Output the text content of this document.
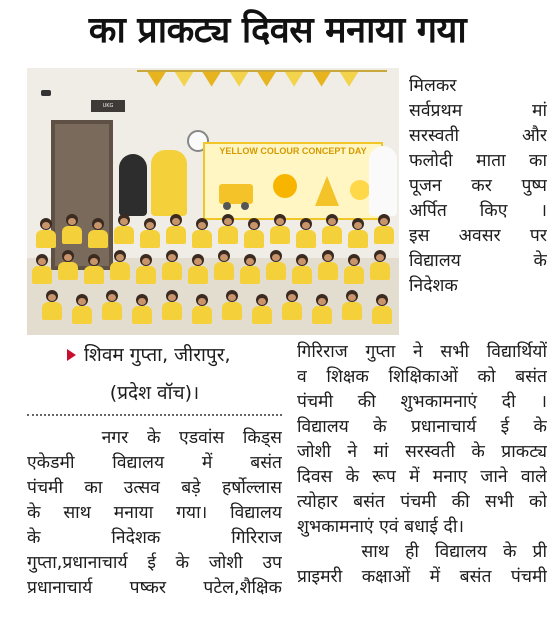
का प्राकट्य दिवस मनाया गया
UKG SECTION
YELLOW COLOUR CONCEPT DAY
मिलकर
सर्वप्रथम मां
सरस्वती और
फलोदी माता का
पूजन कर पुष्प
अर्पित किए ।
इस अवसर पर
विद्यालय के
निदेशक
शिवम गुप्ता, जीरापुर,
(प्रदेश वॉच)।
नगर के एडवांस किड्स
एकेडमी विद्यालय में बसंत
पंचमी का उत्सव बड़े हर्षोल्लास
के साथ मनाया गया। विद्यालय
के निदेशक गिरिराज
गुप्ता,प्रधानाचार्य ई के जोशी उप
प्रधानाचार्य पष्कर पटेल,शैक्षिक
गिरिराज गुप्ता ने सभी विद्यार्थियों
व शिक्षक शिक्षिकाओं को बसंत
पंचमी की शुभकामनाएं दी ।
विद्यालय के प्रधानाचार्य ई के
जोशी ने मां सरस्वती के प्राकट्य
दिवस के रूप में मनाए जाने वाले
त्योहार बसंत पंचमी की सभी को
शुभकामनाएं एवं बधाई दी।
साथ ही विद्यालय के प्री
प्राइमरी कक्षाओं में बसंत पंचमी
